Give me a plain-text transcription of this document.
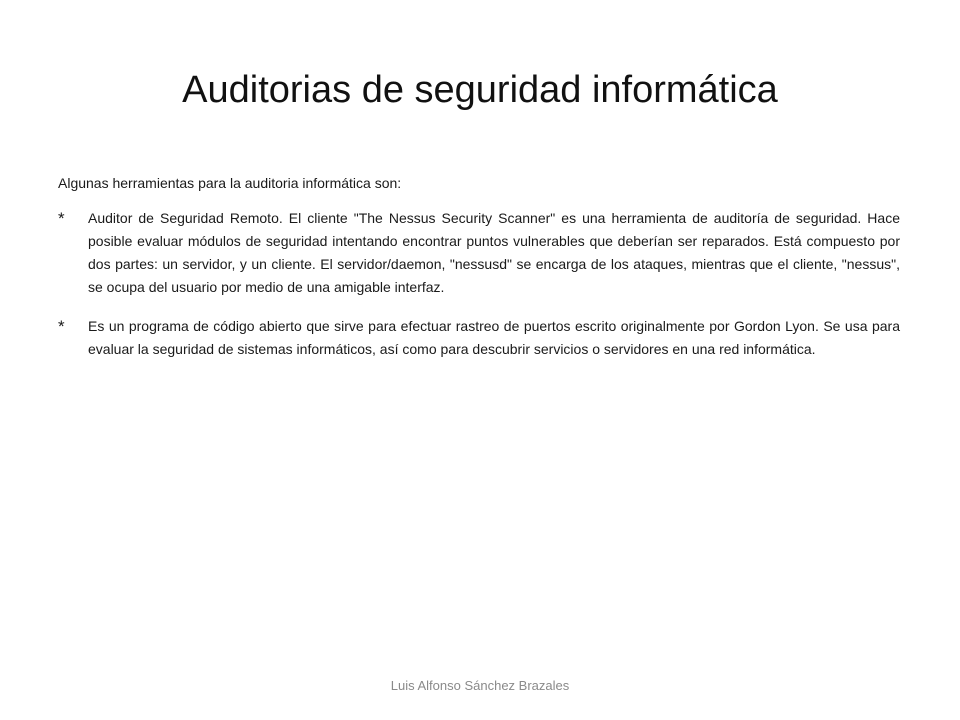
Auditorias de seguridad informática

Algunas herramientas para la auditoria informática son:

*	Auditor de Seguridad Remoto. El cliente "The Nessus Security Scanner" es una herramienta de auditoría de seguridad. Hace posible evaluar módulos de seguridad intentando encontrar puntos vulnerables que deberían ser reparados. Está compuesto por dos partes: un servidor, y un cliente. El servidor/daemon, "nessusd" se encarga de los ataques, mientras que el cliente, "nessus", se ocupa del usuario por medio de una amigable interfaz.

*	Es un programa de código abierto que sirve para efectuar rastreo de puertos escrito originalmente por Gordon Lyon. Se usa para evaluar la seguridad de sistemas informáticos, así como para descubrir servicios o servidores en una red informática.

Luis Alfonso Sánchez Brazales
